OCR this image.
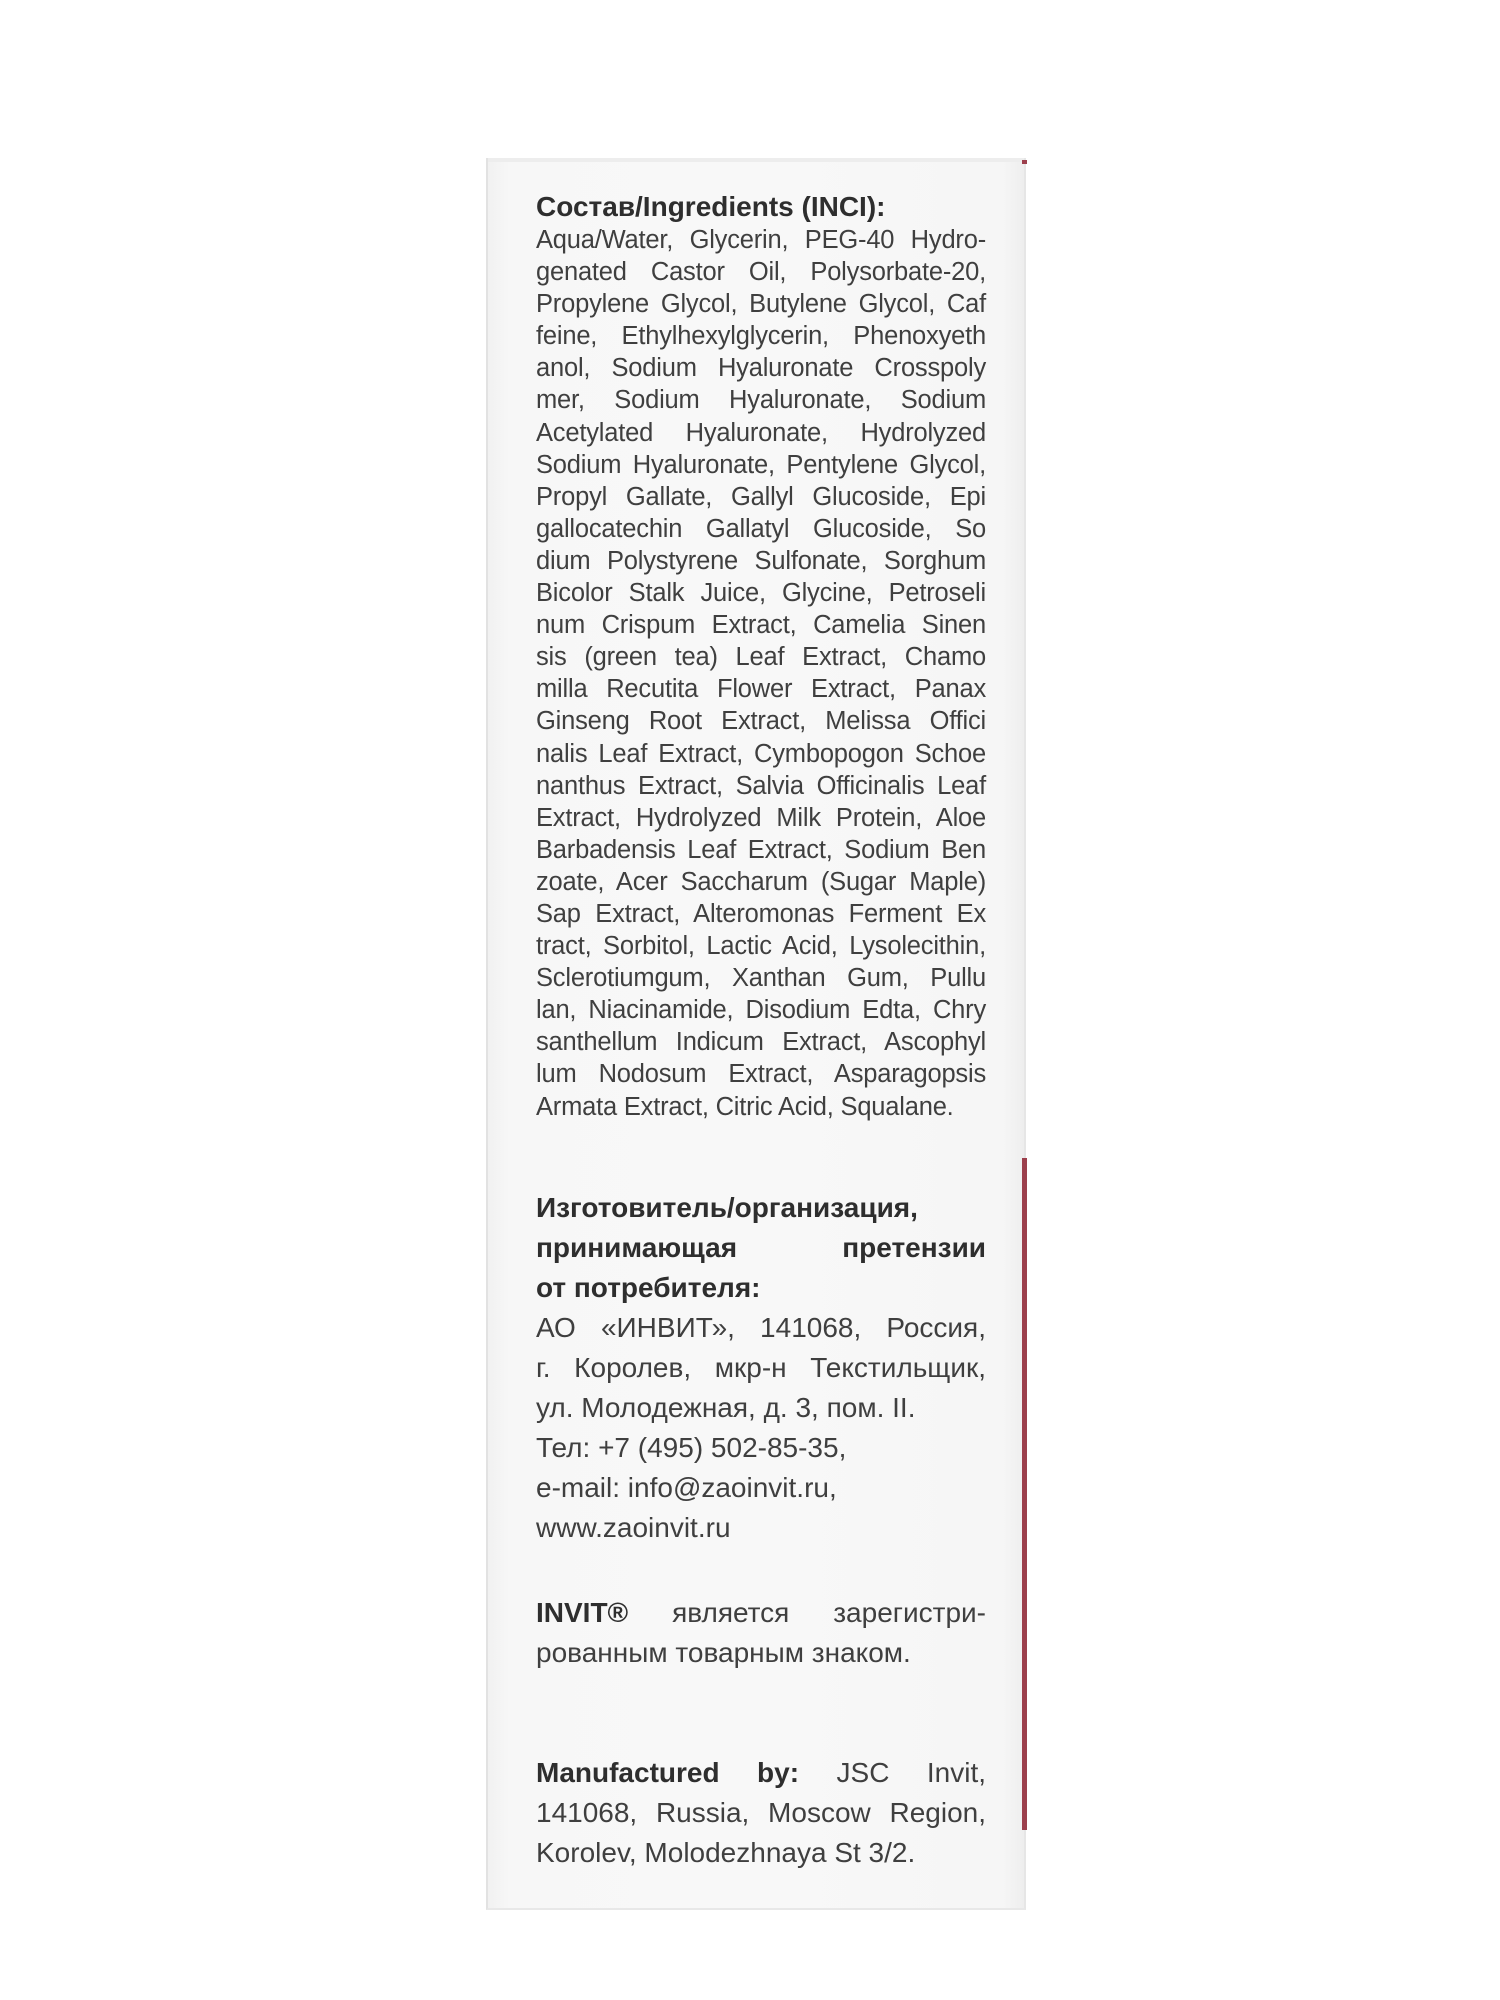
Состав/Ingredients (INCI):

Aqua/Water, Glycerin, PEG-40 Hydro-
genated Castor Oil, Polysorbate-20,
Propylene Glycol, Butylene Glycol, Caf
feine, Ethylhexylglycerin, Phenoxyeth
anol, Sodium Hyaluronate Crosspoly
mer, Sodium Hyaluronate, Sodium
Acetylated Hyaluronate, Hydrolyzed
Sodium Hyaluronate, Pentylene Glycol,
Propyl Gallate, Gallyl Glucoside, Epi
gallocatechin Gallatyl Glucoside, So
dium Polystyrene Sulfonate, Sorghum
Bicolor Stalk Juice, Glycine, Petroseli
num Crispum Extract, Camelia Sinen
sis (green tea) Leaf Extract, Chamo
milla Recutita Flower Extract, Panax
Ginseng Root Extract, Melissa Offici
nalis Leaf Extract, Cymbopogon Schoe
nanthus Extract, Salvia Officinalis Leaf
Extract, Hydrolyzed Milk Protein, Aloe
Barbadensis Leaf Extract, Sodium Ben
zoate, Acer Saccharum (Sugar Maple)
Sap Extract, Alteromonas Ferment Ex
tract, Sorbitol, Lactic Acid, Lysolecithin,
Sclerotiumgum, Xanthan Gum, Pullu
lan, Niacinamide, Disodium Edta, Chry
santhellum Indicum Extract, Ascophyl
lum Nodosum Extract, Asparagopsis
Armata Extract, Citric Acid, Squalane.

Изготовитель/организация,
принимающая претензии
от потребителя:

АО «ИНВИТ», 141068, Россия,
г. Королев, мкр-н Текстильщик,
ул. Молодежная, д. 3, пом. II.
Тел: +7 (495) 502-85-35,
e-mail: info@zaoinvit.ru,
www.zaoinvit.ru

INVIT® является зарегистри-
рованным товарным знаком.
Manufactured by: JSC Invit,
141068, Russia, Moscow Region,
Korolev, Molodezhnaya St 3/2.
